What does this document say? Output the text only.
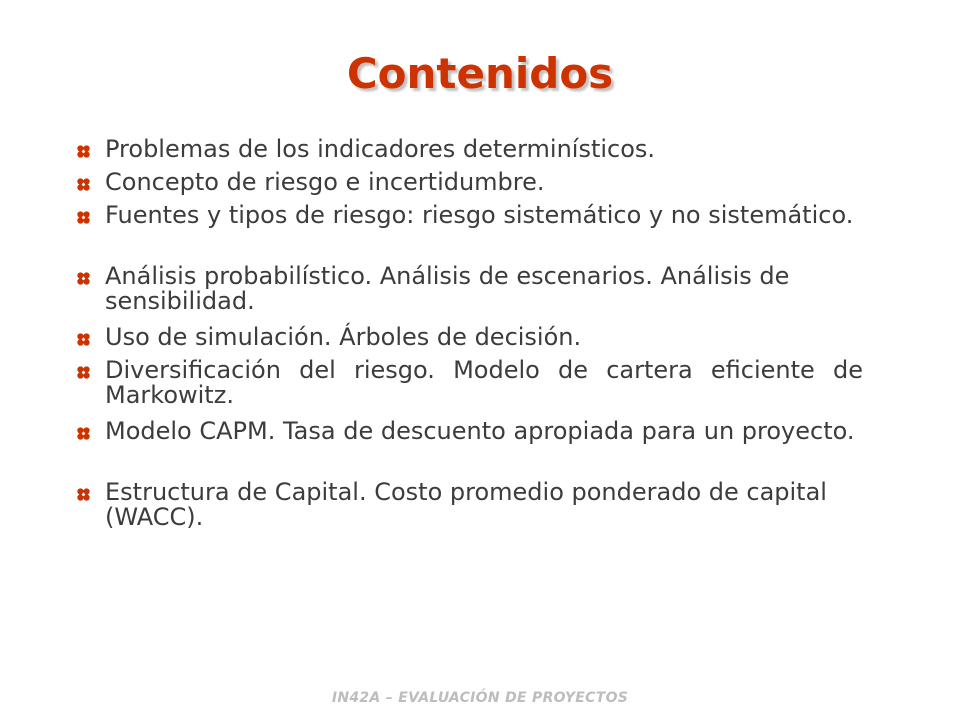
Contenidos
Problemas de los indicadores determinísticos.
Concepto de riesgo e incertidumbre.
Fuentes y tipos de riesgo: riesgo sistemático y no sistemático.
Análisis probabilístico. Análisis de escenarios. Análisis de sensibilidad.
Uso de simulación. Árboles de decisión.
Diversificación del riesgo. Modelo de cartera eficiente de Markowitz.
Modelo CAPM. Tasa de descuento apropiada para un proyecto.
Estructura de Capital. Costo promedio ponderado de capital (WACC).
IN42A – EVALUACIÓN DE PROYECTOS
